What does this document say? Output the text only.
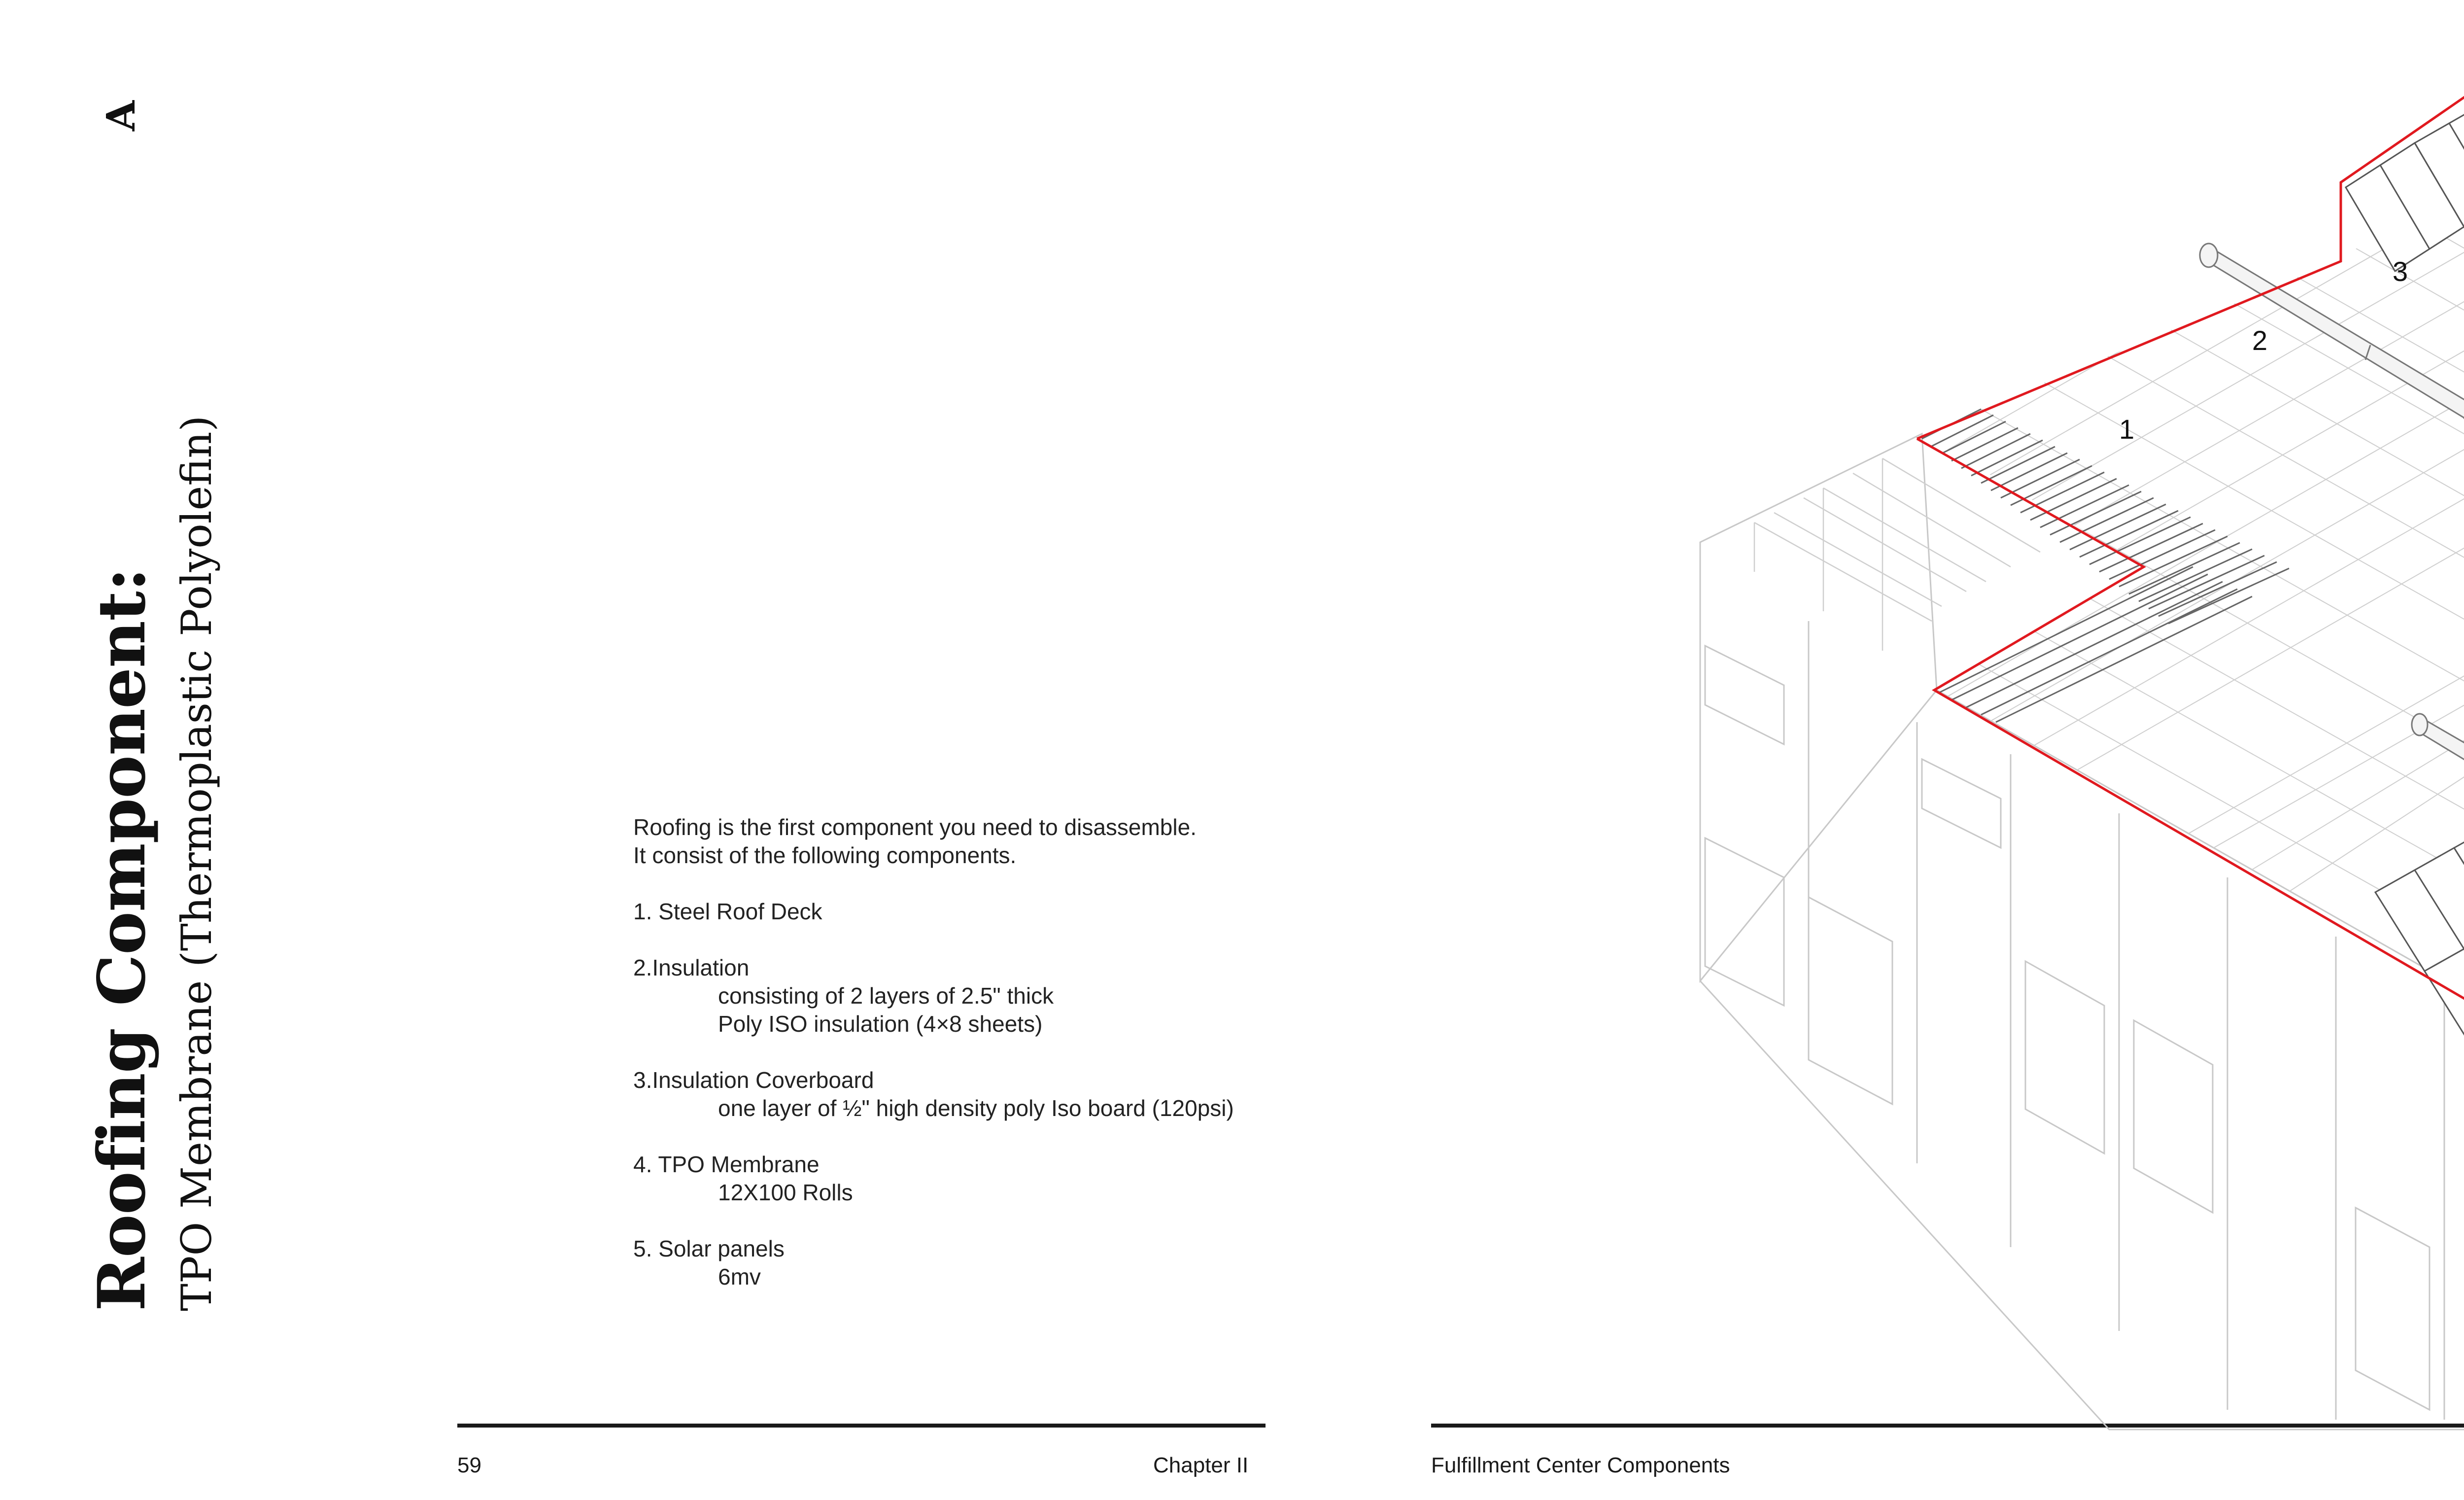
A
Roofing Component: TPO Membrane (Thermoplastic Polyolefin)	Roofing is the first component you need to disassemble.
It consist of the following components.
1. Steel Roof Deck
2.Insulation
consisting of 2 layers of 2.5" thick
Poly ISO insulation (4×8 sheets)
3.Insulation Coverboard
one layer of ½" high density poly Iso board (120psi)
4. TPO Membrane
12X100 Rolls
5. Solar panels
6mv
59	Chapter II	Fulfillment Center Components
1
2
3
